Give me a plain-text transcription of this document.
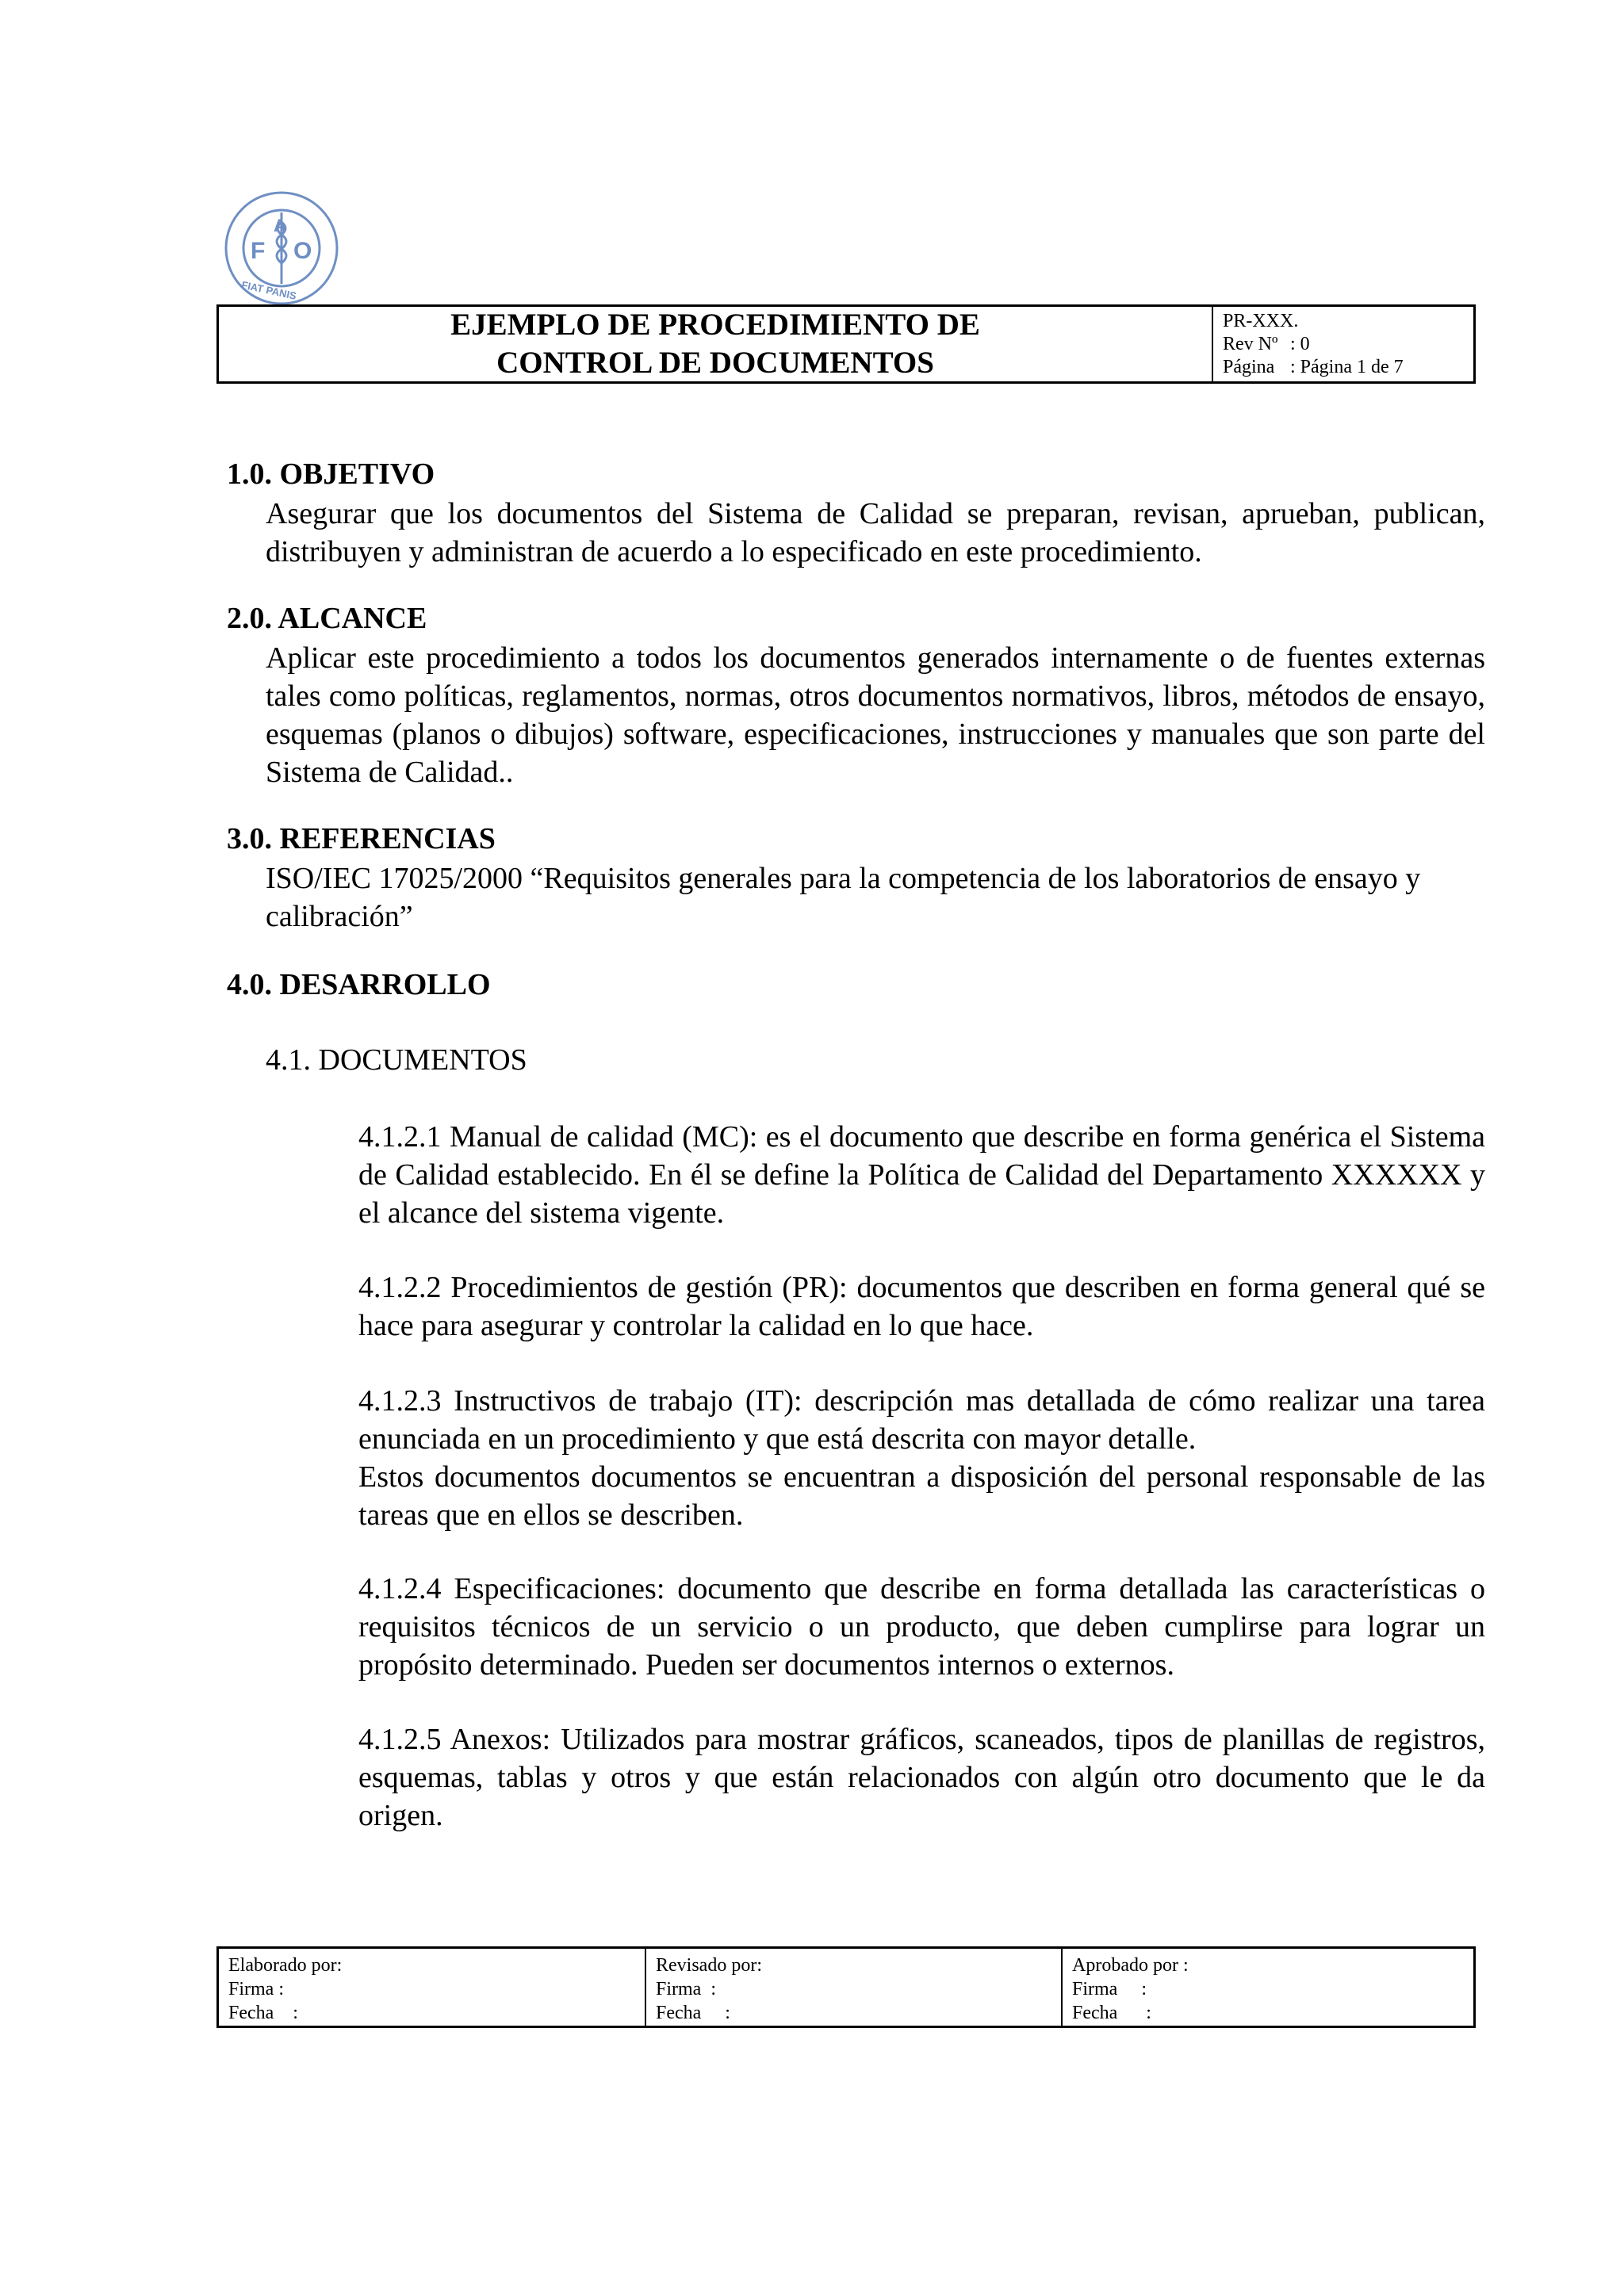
F
A
O
FIAT PANIS
EJEMPLO DE PROCEDIMIENTO DE
CONTROL DE DOCUMENTOS
PR-XXX.
Rev Nº : 0
Página : Página 1 de 7
1.0. OBJETIVO

Asegurar que los documentos del Sistema de Calidad se preparan, revisan, aprueban, publican, distribuyen y administran de acuerdo a lo especificado en este procedimiento.

2.0. ALCANCE

Aplicar este procedimiento a todos los documentos generados internamente o de fuentes externas tales como políticas, reglamentos, normas, otros documentos normativos, libros, métodos de ensayo, esquemas (planos o dibujos) software, especificaciones, instrucciones y manuales que son parte del Sistema de Calidad..

3.0. REFERENCIAS

ISO/IEC 17025/2000 “Requisitos generales para la competencia de los laboratorios de ensayo y calibración”

4.0. DESARROLLO
4.1. DOCUMENTOS

4.1.2.1 Manual de calidad (MC): es el documento que describe en forma genérica el Sistema de Calidad establecido. En él se define la Política de Calidad del Departamento XXXXXX y el alcance del sistema vigente.

4.1.2.2 Procedimientos de gestión (PR): documentos que describen en forma general qué se hace para asegurar y controlar la calidad en lo que hace.

4.1.2.3 Instructivos de trabajo (IT): descripción mas detallada de cómo realizar una tarea enunciada en un procedimiento y que está descrita con mayor detalle.

Estos documentos documentos se encuentran a disposición del personal responsable de las tareas que en ellos se describen.

4.1.2.4 Especificaciones: documento que describe en forma detallada las características o requisitos técnicos de un servicio o un producto, que deben cumplirse para lograr un propósito determinado. Pueden ser documentos internos o externos.

4.1.2.5 Anexos: Utilizados para mostrar gráficos, scaneados, tipos de planillas de registros, esquemas, tablas y otros y que están relacionados con algún otro documento que le da origen.

Elaborado por:
Firma :
Fecha    :
Revisado por:
Firma  :
Fecha     :
Aprobado por :
Firma     :
Fecha      :
